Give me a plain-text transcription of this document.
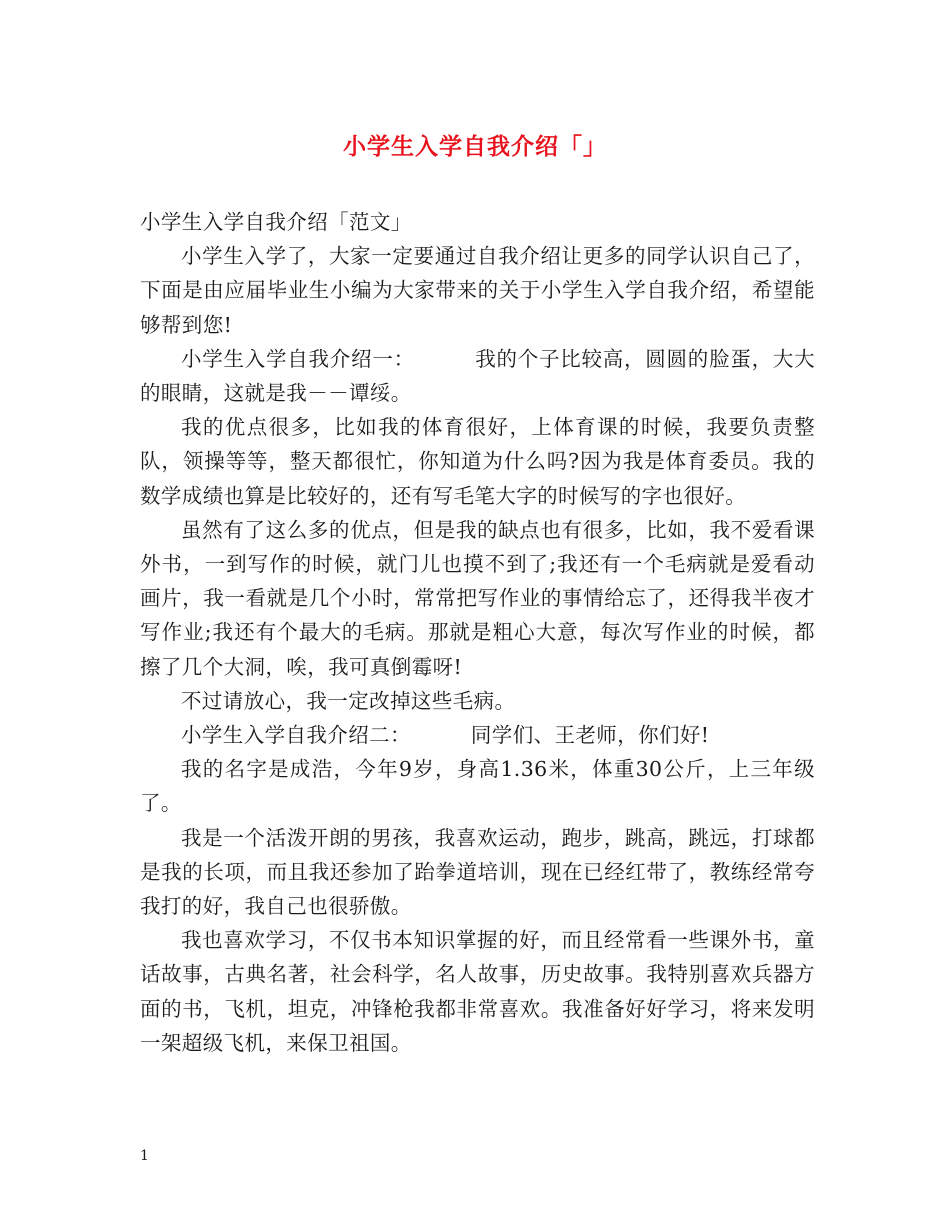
小学生入学自我介绍「」

小学生入学自我介绍「范文」

小学生入学了，大家一定要通过自我介绍让更多的同学认识自己了，下面是由应届毕业生小编为大家带来的关于小学生入学自我介绍，希望能够帮到您!

小学生入学自我介绍一：	我的个子比较高，圆圆的脸蛋，大大的眼睛，这就是我－－谭绥。

我的优点很多，比如我的体育很好，上体育课的时候，我要负责整队，领操等等，整天都很忙，你知道为什么吗?因为我是体育委员。我的数学成绩也算是比较好的，还有写毛笔大字的时候写的字也很好。

虽然有了这么多的优点，但是我的缺点也有很多，比如，我不爱看课外书，一到写作的时候，就门儿也摸不到了;我还有一个毛病就是爱看动画片，我一看就是几个小时，常常把写作业的事情给忘了，还得我半夜才写作业;我还有个最大的毛病。那就是粗心大意，每次写作业的时候，都擦了几个大洞，唉，我可真倒霉呀!

不过请放心，我一定改掉这些毛病。

小学生入学自我介绍二：	同学们、王老师，你们好!

我的名字是成浩，今年9岁，身高1.36米，体重30公斤，上三年级了。

我是一个活泼开朗的男孩，我喜欢运动，跑步，跳高，跳远，打球都是我的长项，而且我还参加了跆拳道培训，现在已经红带了，教练经常夸我打的好，我自己也很骄傲。

我也喜欢学习，不仅书本知识掌握的好，而且经常看一些课外书，童话故事，古典名著，社会科学，名人故事，历史故事。我特别喜欢兵器方面的书，飞机，坦克，冲锋枪我都非常喜欢。我准备好好学习，将来发明一架超级飞机，来保卫祖国。

1
